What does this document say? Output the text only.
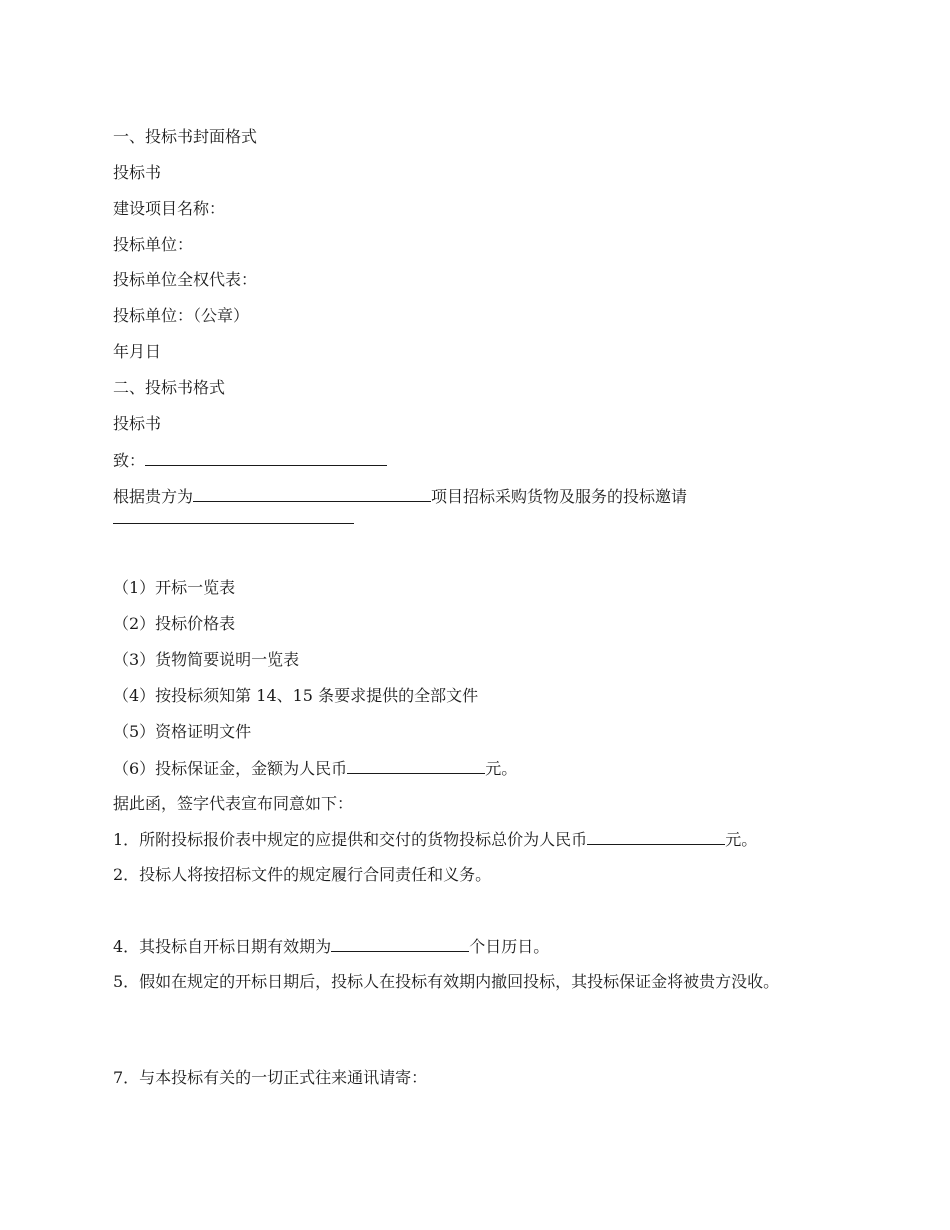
一、投标书封面格式
投标书
建设项目名称：
投标单位：
投标单位全权代表：
投标单位：（公章）
年月日
二、投标书格式
投标书
致：
根据贵方为	项目招标采购货物及服务的投标邀请
（1）开标一览表
（2）投标价格表
（3）货物简要说明一览表
（4）按投标须知第 14、15 条要求提供的全部文件
（5）资格证明文件
（6）投标保证金，金额为人民币	元。
据此函，签字代表宣布同意如下：
1．所附投标报价表中规定的应提供和交付的货物投标总价为人民币	元。
2．投标人将按招标文件的规定履行合同责任和义务。
4．其投标自开标日期有效期为	个日历日。
5．假如在规定的开标日期后，投标人在投标有效期内撤回投标，其投标保证金将被贵方没收。
7．与本投标有关的一切正式往来通讯请寄：
